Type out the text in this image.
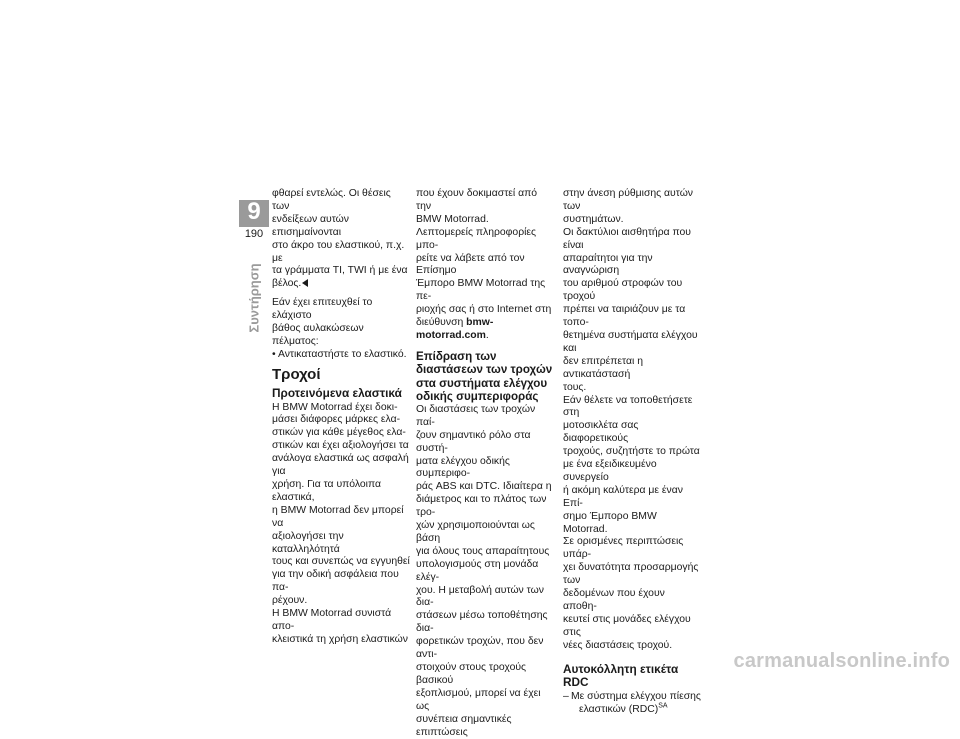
9
190
Συντήρηση

φθαρεί εντελώς. Οι θέσεις των
ενδείξεων αυτών επισημαίνονται
στο άκρο του ελαστικού, π.χ. με
τα γράμματα TI, TWI ή με ένα
βέλος.

Εάν έχει επιτευχθεί το ελάχιστο
βάθος αυλακώσεων πέλματος:

• Αντικαταστήστε το ελαστικό.

Τροχοί
Προτεινόμενα ελαστικά

Η BMW Motorrad έχει δοκι-
μάσει διάφορες μάρκες ελα-
στικών για κάθε μέγεθος ελα-
στικών και έχει αξιολογήσει τα
ανάλογα ελαστικά ως ασφαλή για
χρήση. Για τα υπόλοιπα ελαστικά,
η BMW Motorrad δεν μπορεί να
αξιολογήσει την καταλληλότητά
τους και συνεπώς να εγγυηθεί
για την οδική ασφάλεια που πα-
ρέχουν.

Η BMW Motorrad συνιστά απο-
κλειστικά τη χρήση ελαστικών

που έχουν δοκιμαστεί από την
BMW Motorrad.

Λεπτομερείς πληροφορίες μπο-
ρείτε να λάβετε από τον Επίσημο
Έμπορο BMW Motorrad της πε-
ριοχής σας ή στο Internet στη
διεύθυνση bmw-motorrad.com.

Επίδραση των
διαστάσεων των τροχών
στα συστήματα ελέγχου
οδικής συμπεριφοράς

Οι διαστάσεις των τροχών παί-
ζουν σημαντικό ρόλο στα συστή-
ματα ελέγχου οδικής συμπεριφο-
ράς ABS και DTC. Ιδιαίτερα η
διάμετρος και το πλάτος των τρο-
χών χρησιμοποιούνται ως βάση
για όλους τους απαραίτητους
υπολογισμούς στη μονάδα ελέγ-
χου. Η μεταβολή αυτών των δια-
στάσεων μέσω τοποθέτησης δια-
φορετικών τροχών, που δεν αντι-
στοιχούν στους τροχούς βασικού
εξοπλισμού, μπορεί να έχει ως
συνέπεια σημαντικές επιπτώσεις

στην άνεση ρύθμισης αυτών των
συστημάτων.

Οι δακτύλιοι αισθητήρα που είναι
απαραίτητοι για την αναγνώριση
του αριθμού στροφών του τροχού
πρέπει να ταιριάζουν με τα τοπο-
θετημένα συστήματα ελέγχου και
δεν επιτρέπεται η αντικατάστασή
τους.

Εάν θέλετε να τοποθετήσετε στη
μοτοσικλέτα σας διαφορετικούς
τροχούς, συζητήστε το πρώτα
με ένα εξειδικευμένο συνεργείο
ή ακόμη καλύτερα με έναν Επί-
σημο Έμπορο BMW Motorrad.

Σε ορισμένες περιπτώσεις υπάρ-
χει δυνατότητα προσαρμογής των
δεδομένων που έχουν αποθη-
κευτεί στις μονάδες ελέγχου στις
νέες διαστάσεις τροχού.

Αυτοκόλλητη ετικέτα RDC
– Με σύστημα ελέγχου πίεσης
ελαστικών (RDC)$^{SA}$
carmanualsonline.info
